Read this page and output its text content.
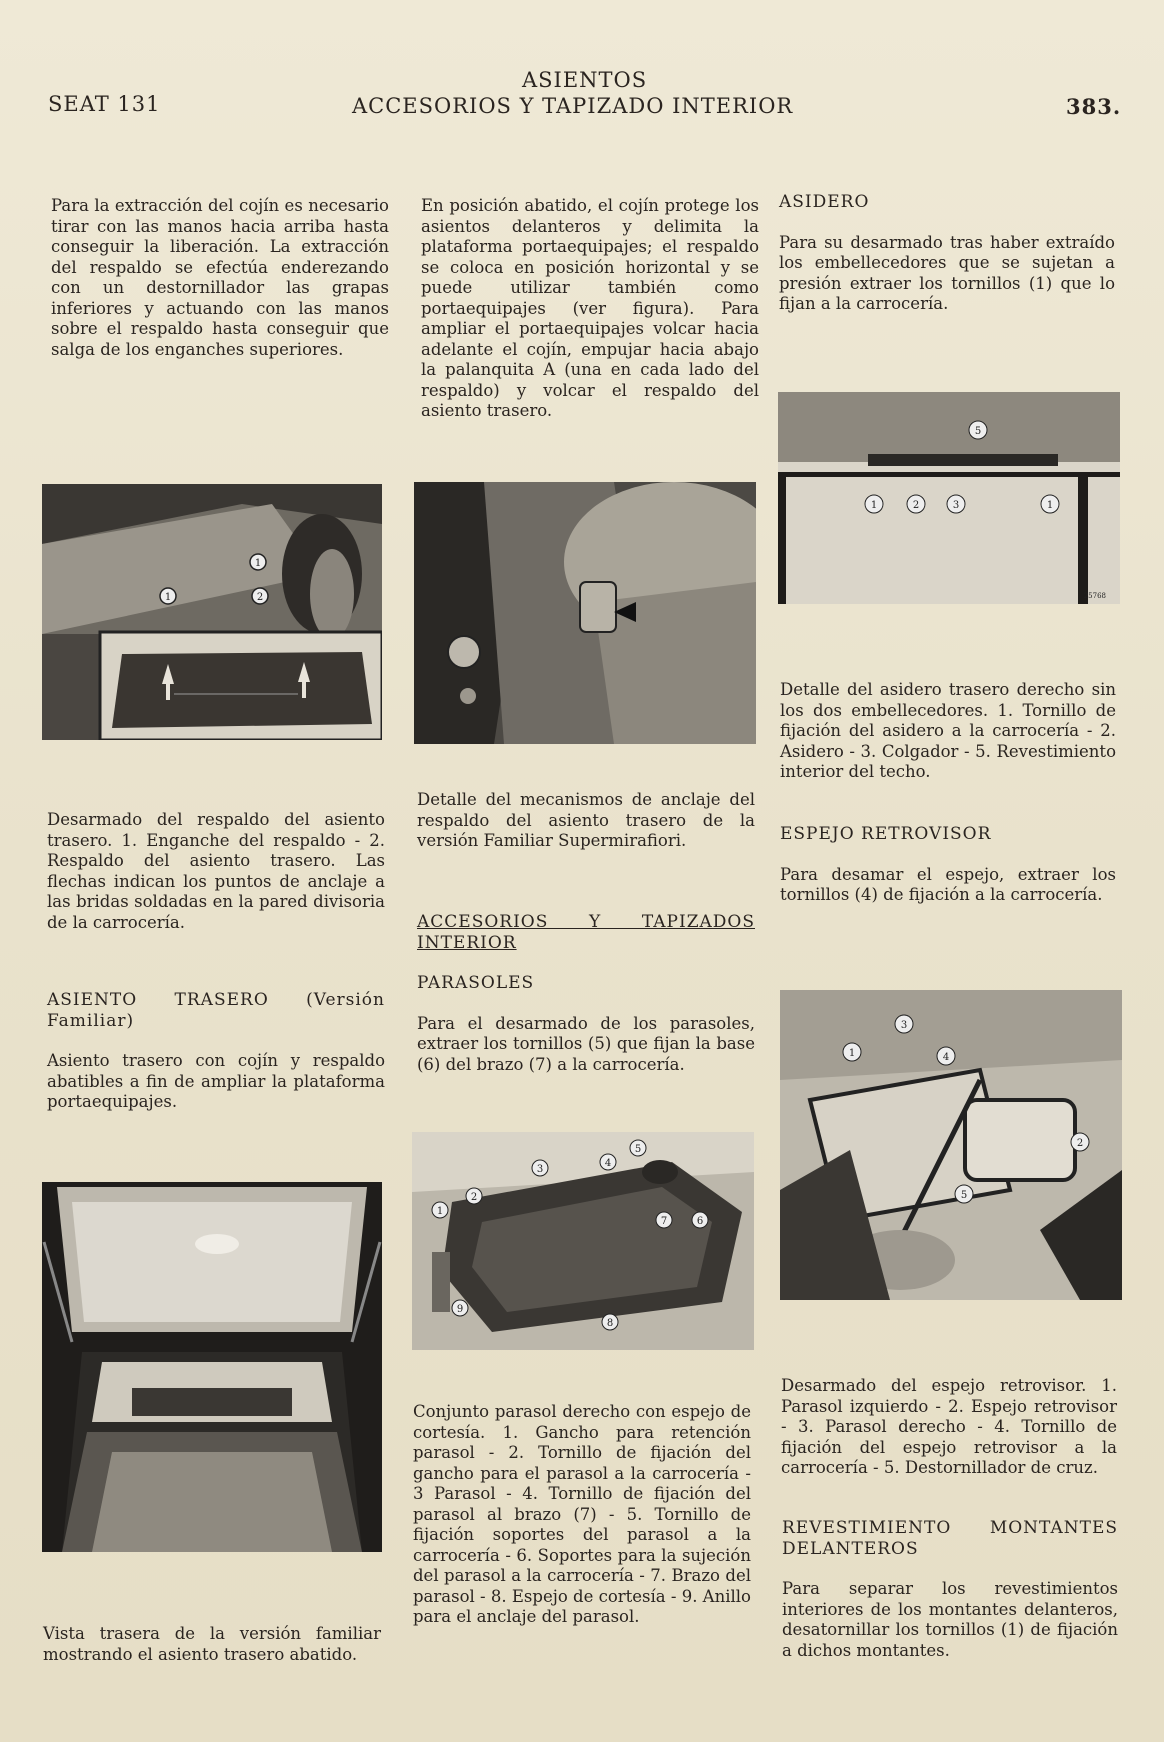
SEAT 131
ASIENTOS
ACCESORIOS Y TAPIZADO INTERIOR	383.

Para la extracción del cojín es necesario tirar con las manos hacia arriba hasta conseguir la liberación. La extracción del respaldo se efectúa enderezando con un destornillador las grapas inferiores y actuando con las manos sobre el respaldo hasta conseguir que salga de los enganches superiores.

1	2
1

Desarmado del respaldo del asiento trasero. 1. Enganche del respaldo - 2. Respaldo del asiento trasero. Las flechas indican los puntos de anclaje a las bridas soldadas en la pared divisoria de la carrocería.

ASIENTO TRASERO (Versión Familiar)

Asiento trasero con cojín y respaldo abatibles a fin de ampliar la plataforma portaequipajes.

Vista trasera de la versión familiar mostrando el asiento trasero abatido.

En posición abatido, el cojín protege los asientos delanteros y delimita la plataforma portaequipajes; el respaldo se coloca en posición horizontal y se puede utilizar también como portaequipajes (ver figura). Para ampliar el portaequipajes volcar hacia adelante el cojín, empujar hacia abajo la palanquita A (una en cada lado del respaldo) y volcar el respaldo del asiento trasero.

Detalle del mecanismos de anclaje del respaldo del asiento trasero de la versión Familiar Supermirafiori.

ACCESORIOS Y TAPIZADOS INTERIOR

PARASOLES

Para el desarmado de los parasoles, extraer los tornillos (5) que fijan la base (6) del brazo (7) a la carrocería.

1
2
3
4
5
6
7
8
9

Conjunto parasol derecho con espejo de cortesía. 1. Gancho para retención parasol - 2. Tornillo de fijación del gancho para el parasol a la carrocería - 3 Parasol - 4. Tornillo de fijación del parasol al brazo (7) - 5. Tornillo de fijación soportes del parasol a la carrocería - 6. Soportes para la sujeción del parasol a la carrocería - 7. Brazo del parasol - 8. Espejo de cortesía - 9. Anillo para el anclaje del parasol.

ASIDERO

Para su desarmado tras haber extraído los embellecedores que se sujetan a presión extraer los tornillos (1) que lo fijan a la carrocería.

5
1	2	3	1
25768

Detalle del asidero trasero derecho sin los dos embellecedores. 1. Tornillo de fijación del asidero a la carrocería - 2. Asidero - 3. Colgador - 5. Revestimiento interior del techo.

ESPEJO RETROVISOR

Para desamar el espejo, extraer los tornillos (4) de fijación a la carrocería.

1
2
3
4
5

Desarmado del espejo retrovisor. 1. Parasol izquierdo - 2. Espejo retrovisor - 3. Parasol derecho - 4. Tornillo de fijación del espejo retrovisor a la carrocería - 5. Destornillador de cruz.

REVESTIMIENTO MONTANTES DELANTEROS

Para separar los revestimientos interiores de los montantes delanteros, desatornillar los tornillos (1) de fijación a dichos montantes.
